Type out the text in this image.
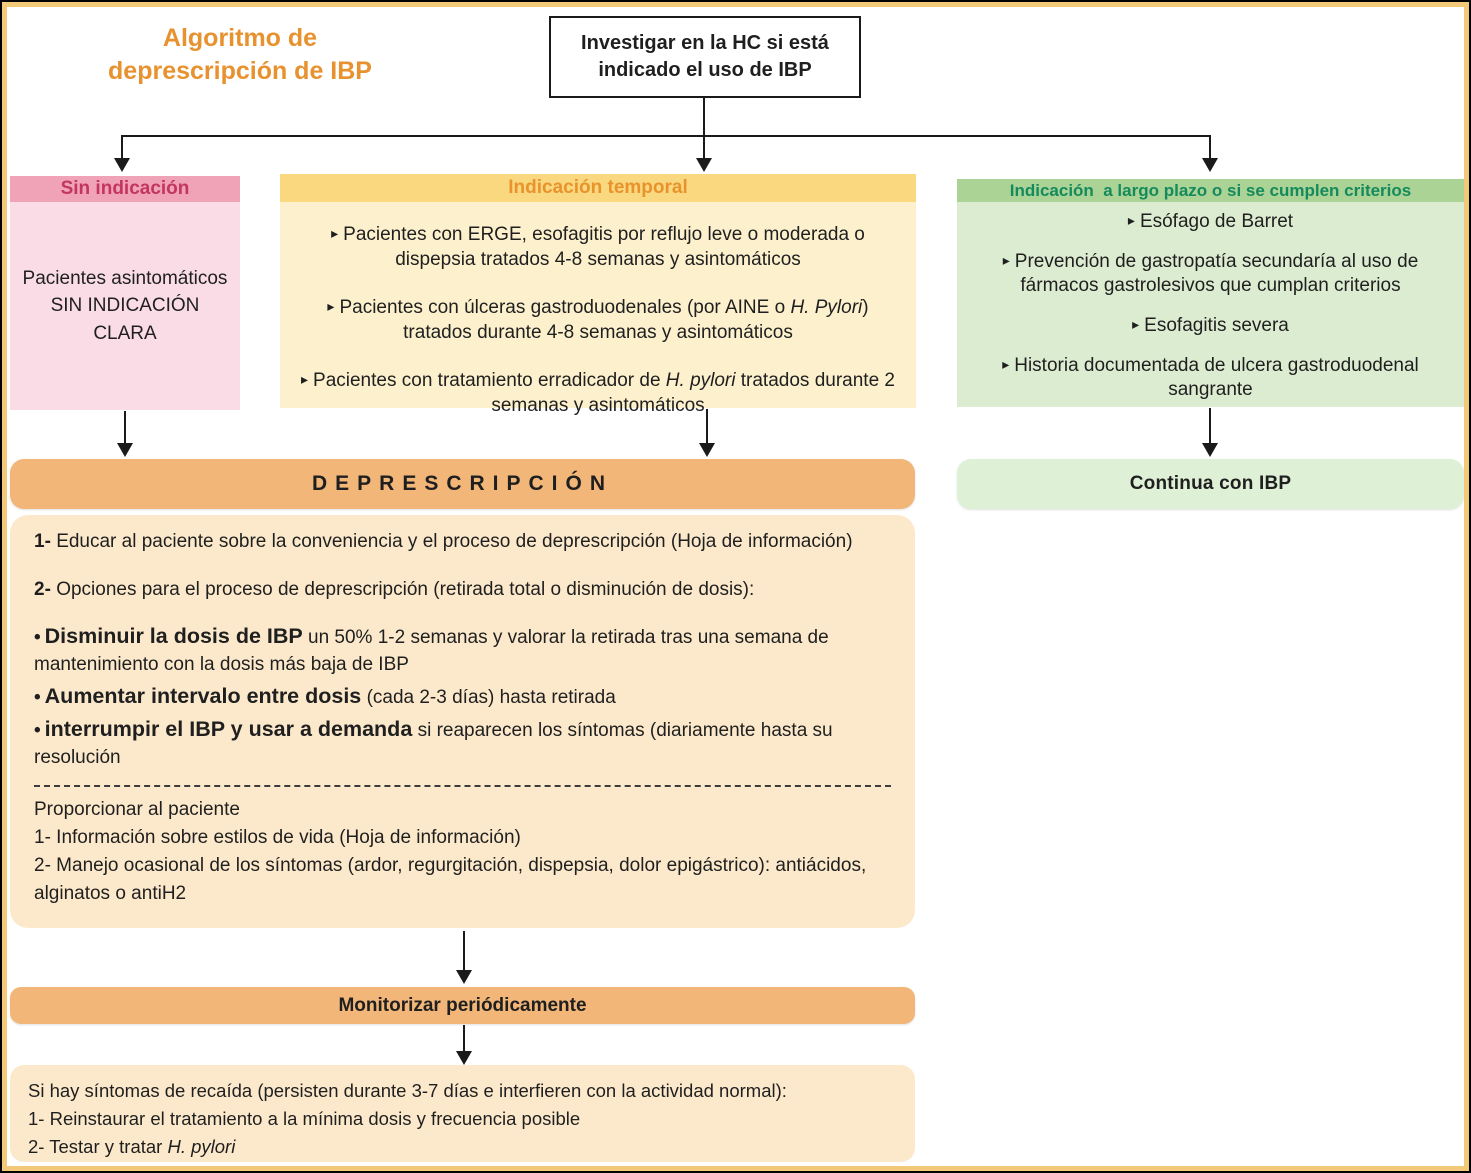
Algoritmo de
deprescripción de IBP
Investigar en la HC si está indicado el uso de IBP
Sin indicación
Pacientes asintomáticos SIN INDICACIÓN CLARA
Indicación temporal
▸ Pacientes con ERGE, esofagitis por reflujo leve o moderada o dispepsia tratados 4-8 semanas y asintomáticos
▸ Pacientes con úlceras gastroduodenales (por AINE o H. Pylori) tratados durante 4-8 semanas y asintomáticos
▸ Pacientes con tratamiento erradicador de H. pylori tratados durante 2 semanas y asintomáticos
Indicación  a largo plazo o si se cumplen criterios
▸ Esófago de Barret
▸ Prevención de gastropatía secundaría al uso de fármacos gastrolesivos que cumplan criterios
▸ Esofagitis severa
▸ Historia documentada de ulcera gastroduodenal sangrante
DEPRESCRIPCIÓN	Continua con IBP

1- Educar al paciente sobre la conveniencia y el proceso de deprescripción (Hoja de información)

2- Opciones para el proceso de deprescripción (retirada total o disminución de dosis):

• Disminuir la dosis de IBP un 50% 1-2 semanas y valorar la retirada tras una semana de mantenimiento con la dosis más baja de IBP
• Aumentar intervalo entre dosis (cada 2-3 días) hasta retirada
• interrumpir el IBP y usar a demanda si reaparecen los síntomas (diariamente hasta su resolución
Proporcionar al paciente
1- Información sobre estilos de vida (Hoja de información)
2- Manejo ocasional de los síntomas (ardor, regurgitación, dispepsia, dolor epigástrico): antiácidos, alginatos o antiH2
Monitorizar periódicamente
Si hay síntomas de recaída (persisten durante 3-7 días e interfieren con la actividad normal):
1- Reinstaurar el tratamiento a la mínima dosis y frecuencia posible
2- Testar y tratar H. pylori
